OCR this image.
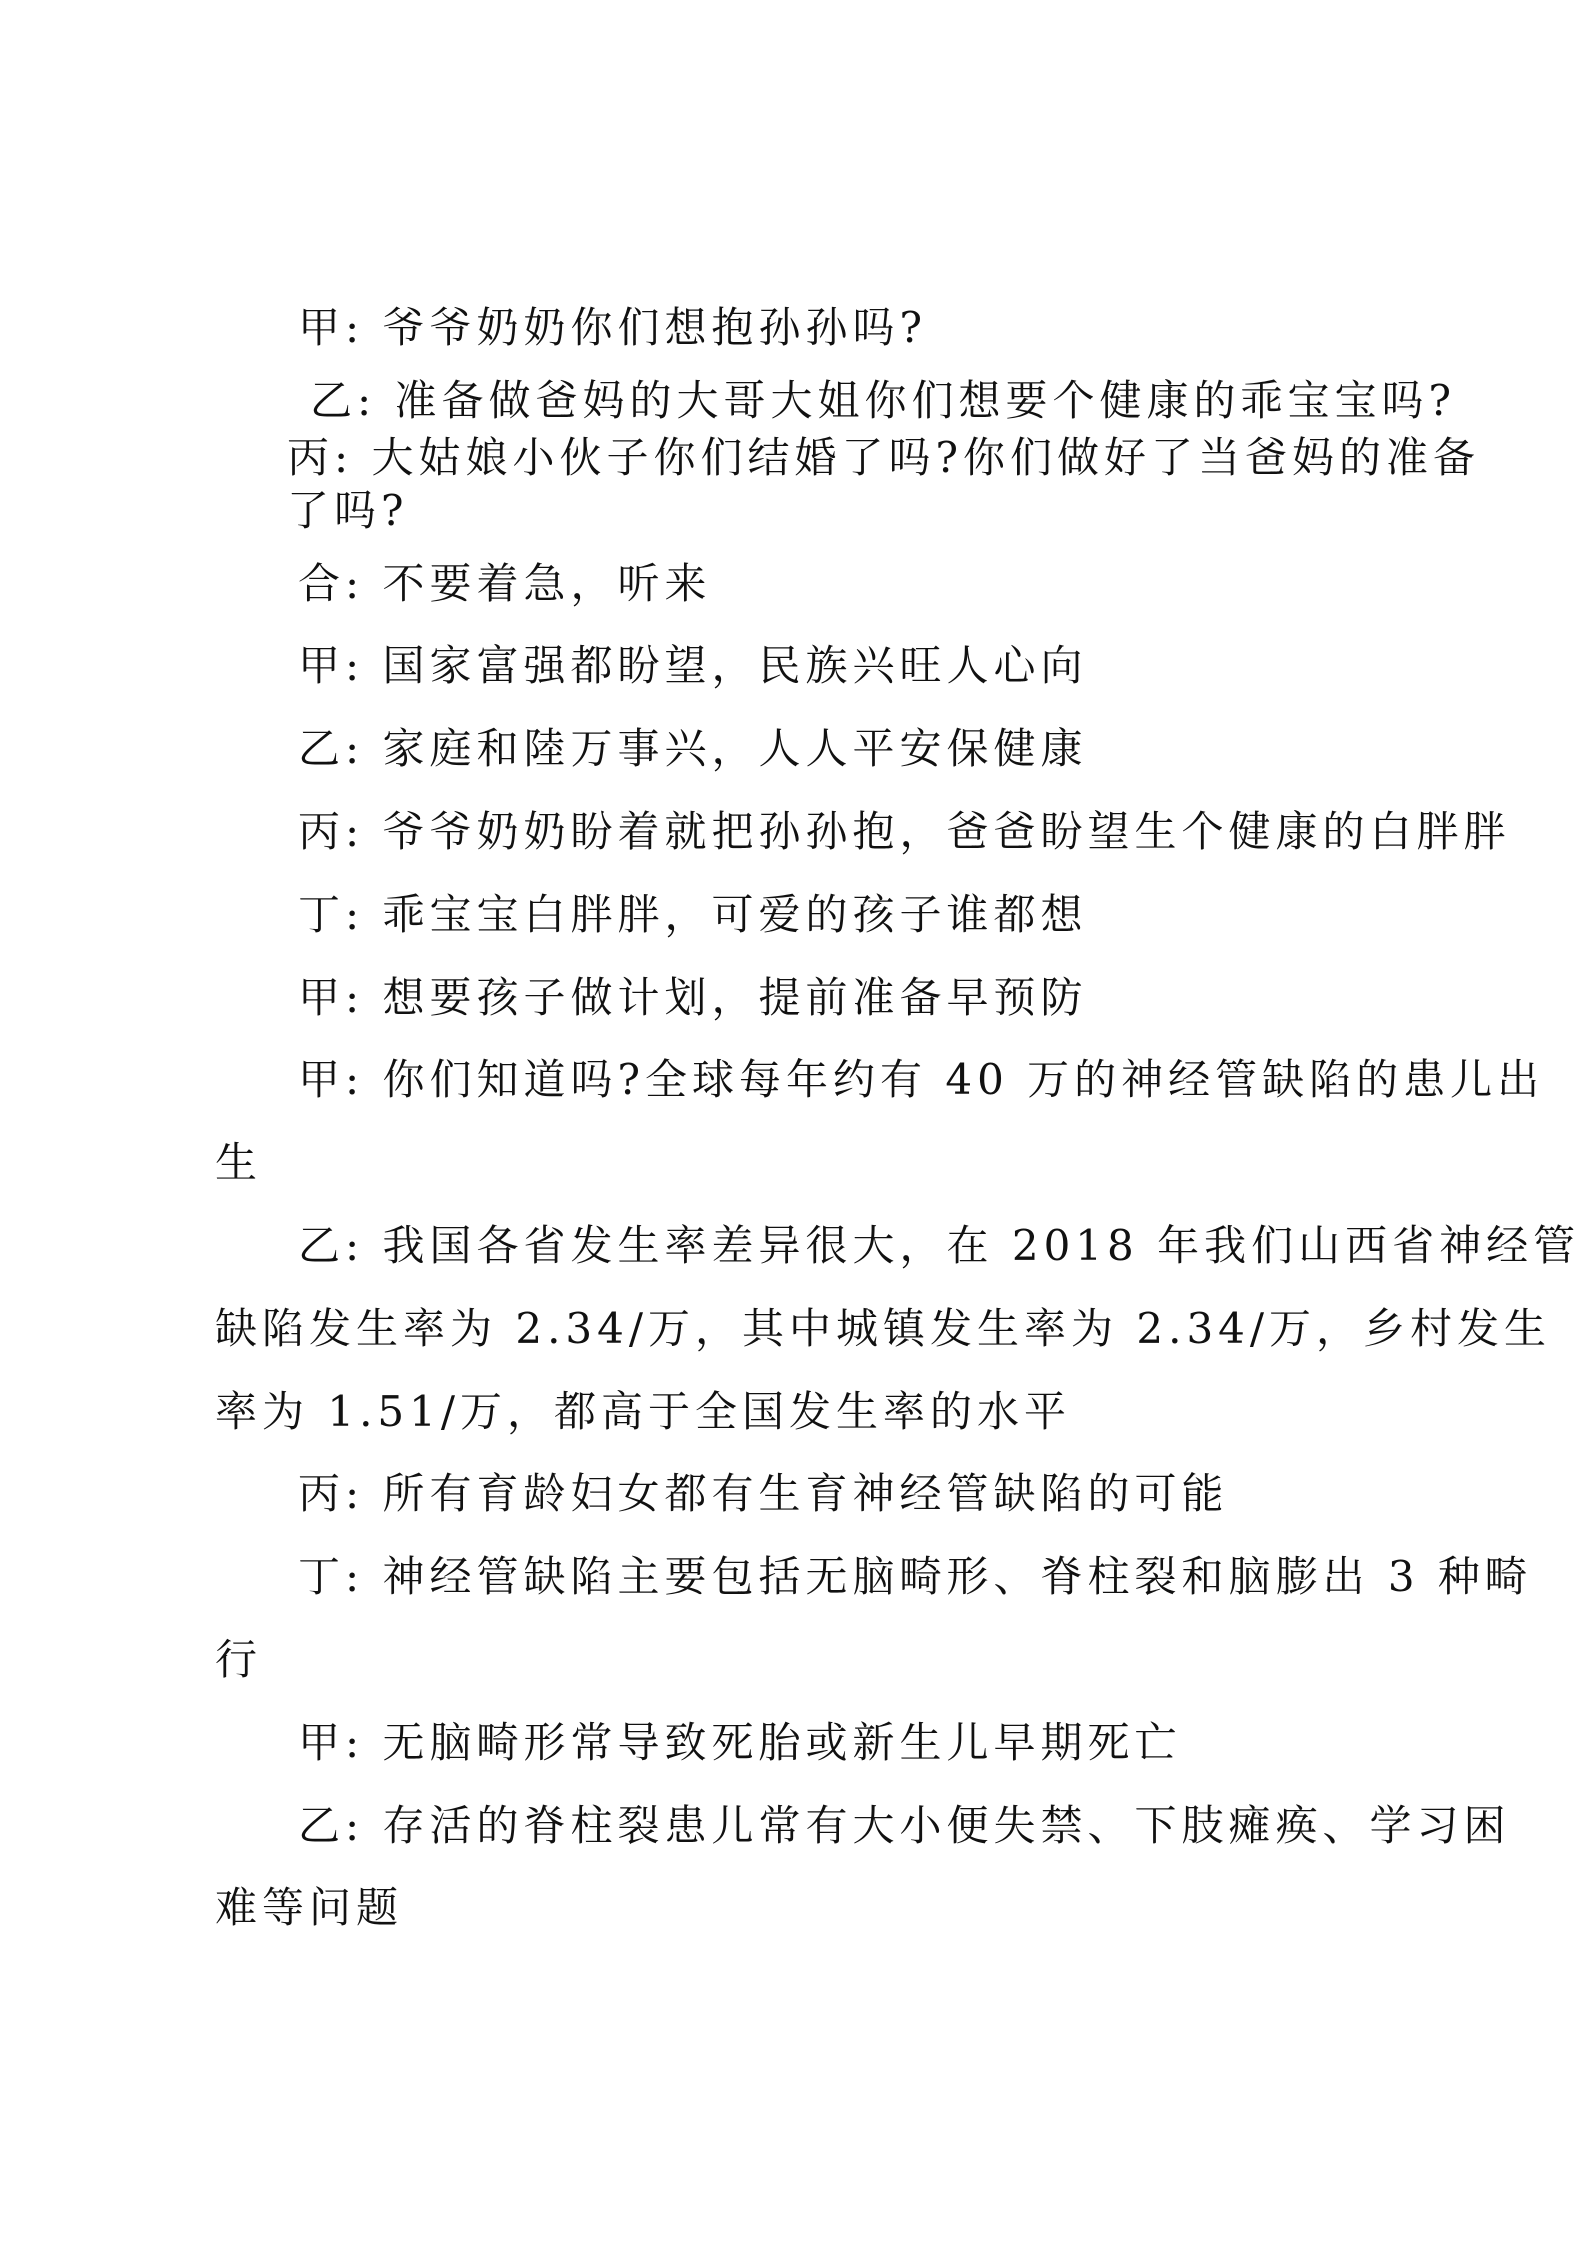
甲: 爷爷奶奶你们想抱孙孙吗?
乙: 准备做爸妈的大哥大姐你们想要个健康的乖宝宝吗?
丙: 大姑娘小伙子你们结婚了吗?你们做好了当爸妈的准备
了吗?
合: 不要着急，听来
甲: 国家富强都盼望，民族兴旺人心向
乙: 家庭和陸万事兴，人人平安保健康
丙: 爷爷奶奶盼着就把孙孙抱，爸爸盼望生个健康的白胖胖
丁: 乖宝宝白胖胖，可爱的孩子谁都想
甲: 想要孩子做计划，提前准备早预防
甲: 你们知道吗?全球每年约有 40 万的神经管缺陷的患儿出
生
乙: 我国各省发生率差异很大，在 2018 年我们山西省神经管
缺陷发生率为 2.34/万，其中城镇发生率为 2.34/万，乡村发生
率为 1.51/万，都高于全国发生率的水平
丙: 所有育龄妇女都有生育神经管缺陷的可能
丁: 神经管缺陷主要包括无脑畸形、脊柱裂和脑膨出 3 种畸
行
甲: 无脑畸形常导致死胎或新生儿早期死亡
乙: 存活的脊柱裂患儿常有大小便失禁、下肢瘫痪、学习困
难等问题
